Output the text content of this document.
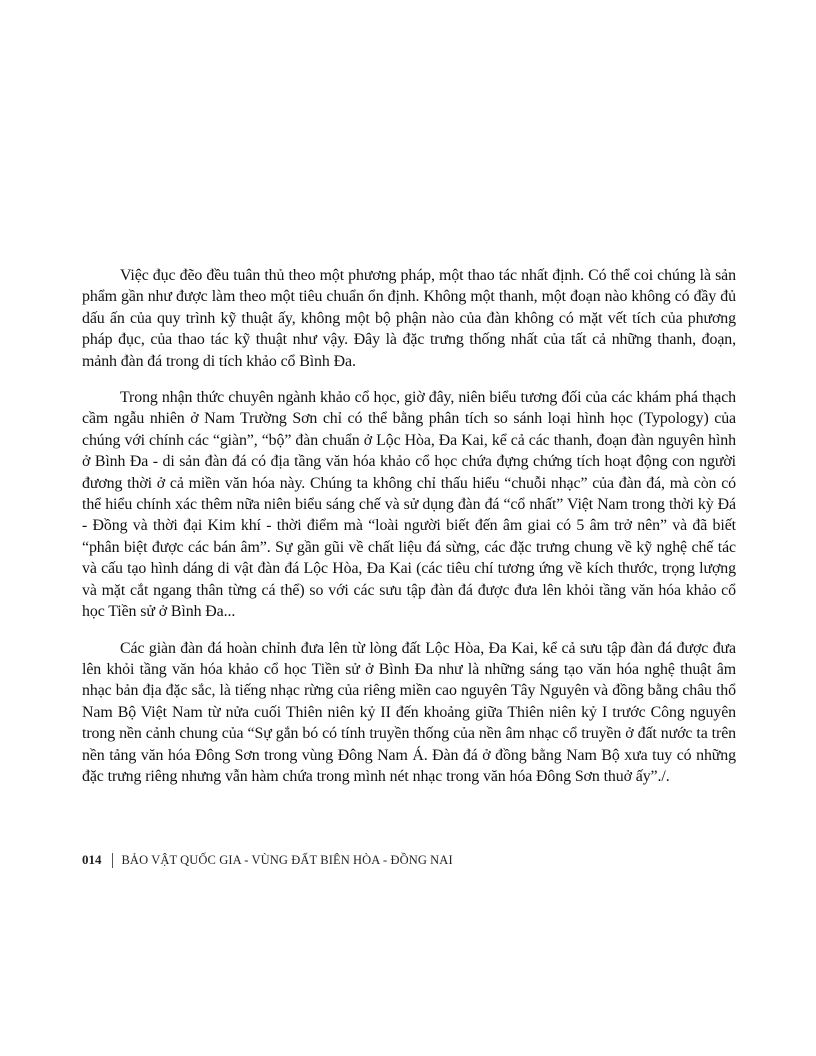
Việc đục đẽo đều tuân thủ theo một phương pháp, một thao tác nhất định. Có thể coi chúng là sản phẩm gần như được làm theo một tiêu chuẩn ổn định. Không một thanh, một đoạn nào không có đầy đủ dấu ấn của quy trình kỹ thuật ấy, không một bộ phận nào của đàn không có mặt vết tích của phương pháp đục, của thao tác kỹ thuật như vậy. Đây là đặc trưng thống nhất của tất cả những thanh, đoạn, mảnh đàn đá trong di tích khảo cổ Bình Đa.

Trong nhận thức chuyên ngành khảo cổ học, giờ đây, niên biểu tương đối của các khám phá thạch cầm ngẫu nhiên ở Nam Trường Sơn chỉ có thể bằng phân tích so sánh loại hình học (Typology) của chúng với chính các “giàn”, “bộ” đàn chuẩn ở Lộc Hòa, Đa Kai, kể cả các thanh, đoạn đàn nguyên hình ở Bình Đa - di sản đàn đá có địa tầng văn hóa khảo cổ học chứa đựng chứng tích hoạt động con người đương thời ở cả miền văn hóa này. Chúng ta không chỉ thấu hiểu “chuỗi nhạc” của đàn đá, mà còn có thể hiểu chính xác thêm nữa niên biểu sáng chế và sử dụng đàn đá “cổ nhất” Việt Nam trong thời kỳ Đá - Đồng và thời đại Kim khí - thời điểm mà “loài người biết đến âm giai có 5 âm trở nên” và đã biết “phân biệt được các bán âm”. Sự gần gũi về chất liệu đá sừng, các đặc trưng chung về kỹ nghệ chế tác và cấu tạo hình dáng di vật đàn đá Lộc Hòa, Đa Kai (các tiêu chí tương ứng về kích thước, trọng lượng và mặt cắt ngang thân từng cá thể) so với các sưu tập đàn đá được đưa lên khỏi tầng văn hóa khảo cổ học Tiền sử ở Bình Đa...

Các giàn đàn đá hoàn chỉnh đưa lên từ lòng đất Lộc Hòa, Đa Kai, kể cả sưu tập đàn đá được đưa lên khỏi tầng văn hóa khảo cổ học Tiền sử ở Bình Đa như là những sáng tạo văn hóa nghệ thuật âm nhạc bản địa đặc sắc, là tiếng nhạc rừng của riêng miền cao nguyên Tây Nguyên và đồng bằng châu thổ Nam Bộ Việt Nam từ nửa cuối Thiên niên kỷ II đến khoảng giữa Thiên niên kỷ I trước Công nguyên trong nền cảnh chung của “Sự gắn bó có tính truyền thống của nền âm nhạc cổ truyền ở đất nước ta trên nền tảng văn hóa Đông Sơn trong vùng Đông Nam Á. Đàn đá ở đồng bằng Nam Bộ xưa tuy có những đặc trưng riêng nhưng vẫn hàm chứa trong mình nét nhạc trong văn hóa Đông Sơn thuở ấy”./.

014 BẢO VẬT QUỐC GIA - VÙNG ĐẤT BIÊN HÒA - ĐỒNG NAI
